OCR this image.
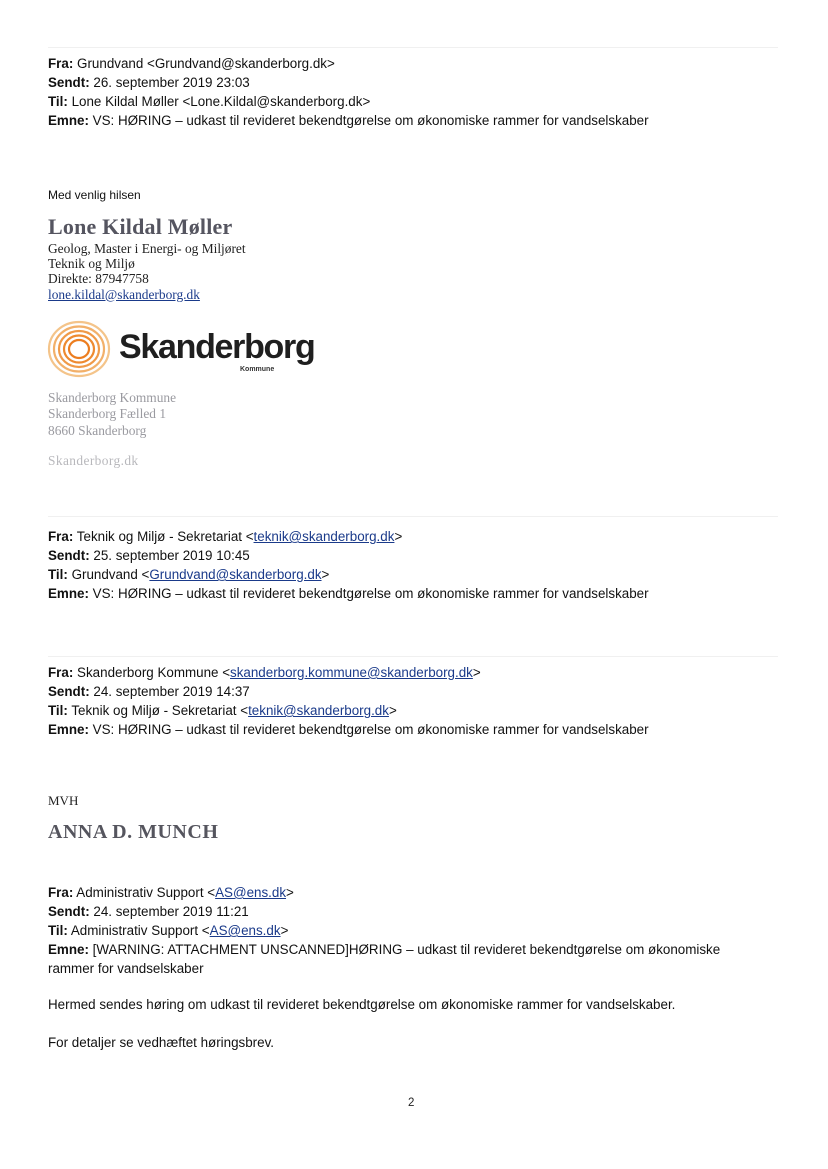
Fra: Grundvand <Grundvand@skanderborg.dk>
Sendt: 26. september 2019 23:03
Til: Lone Kildal Møller <Lone.Kildal@skanderborg.dk>
Emne: VS: HØRING – udkast til revideret bekendtgørelse om økonomiske rammer for vandselskaber
Med venlig hilsen
Lone Kildal Møller
Geolog, Master i Energi- og Miljøret
Teknik og Miljø
Direkte: 87947758
lone.kildal@skanderborg.dk
Skanderborg
Kommune
Skanderborg Kommune
Skanderborg Fælled 1
8660 Skanderborg
Skanderborg.dk
Fra: Teknik og Miljø - Sekretariat <teknik@skanderborg.dk>
Sendt: 25. september 2019 10:45
Til: Grundvand <Grundvand@skanderborg.dk>
Emne: VS: HØRING – udkast til revideret bekendtgørelse om økonomiske rammer for vandselskaber
Fra: Skanderborg Kommune <skanderborg.kommune@skanderborg.dk>
Sendt: 24. september 2019 14:37
Til: Teknik og Miljø - Sekretariat <teknik@skanderborg.dk>
Emne: VS: HØRING – udkast til revideret bekendtgørelse om økonomiske rammer for vandselskaber
MVH
ANNA D. MUNCH
Fra: Administrativ Support <AS@ens.dk>
Sendt: 24. september 2019 11:21
Til: Administrativ Support <AS@ens.dk>
Emne: [WARNING: ATTACHMENT UNSCANNED]HØRING – udkast til revideret bekendtgørelse om økonomiske
rammer for vandselskaber
Hermed sendes høring om udkast til revideret bekendtgørelse om økonomiske rammer for vandselskaber.
For detaljer se vedhæftet høringsbrev.
2
